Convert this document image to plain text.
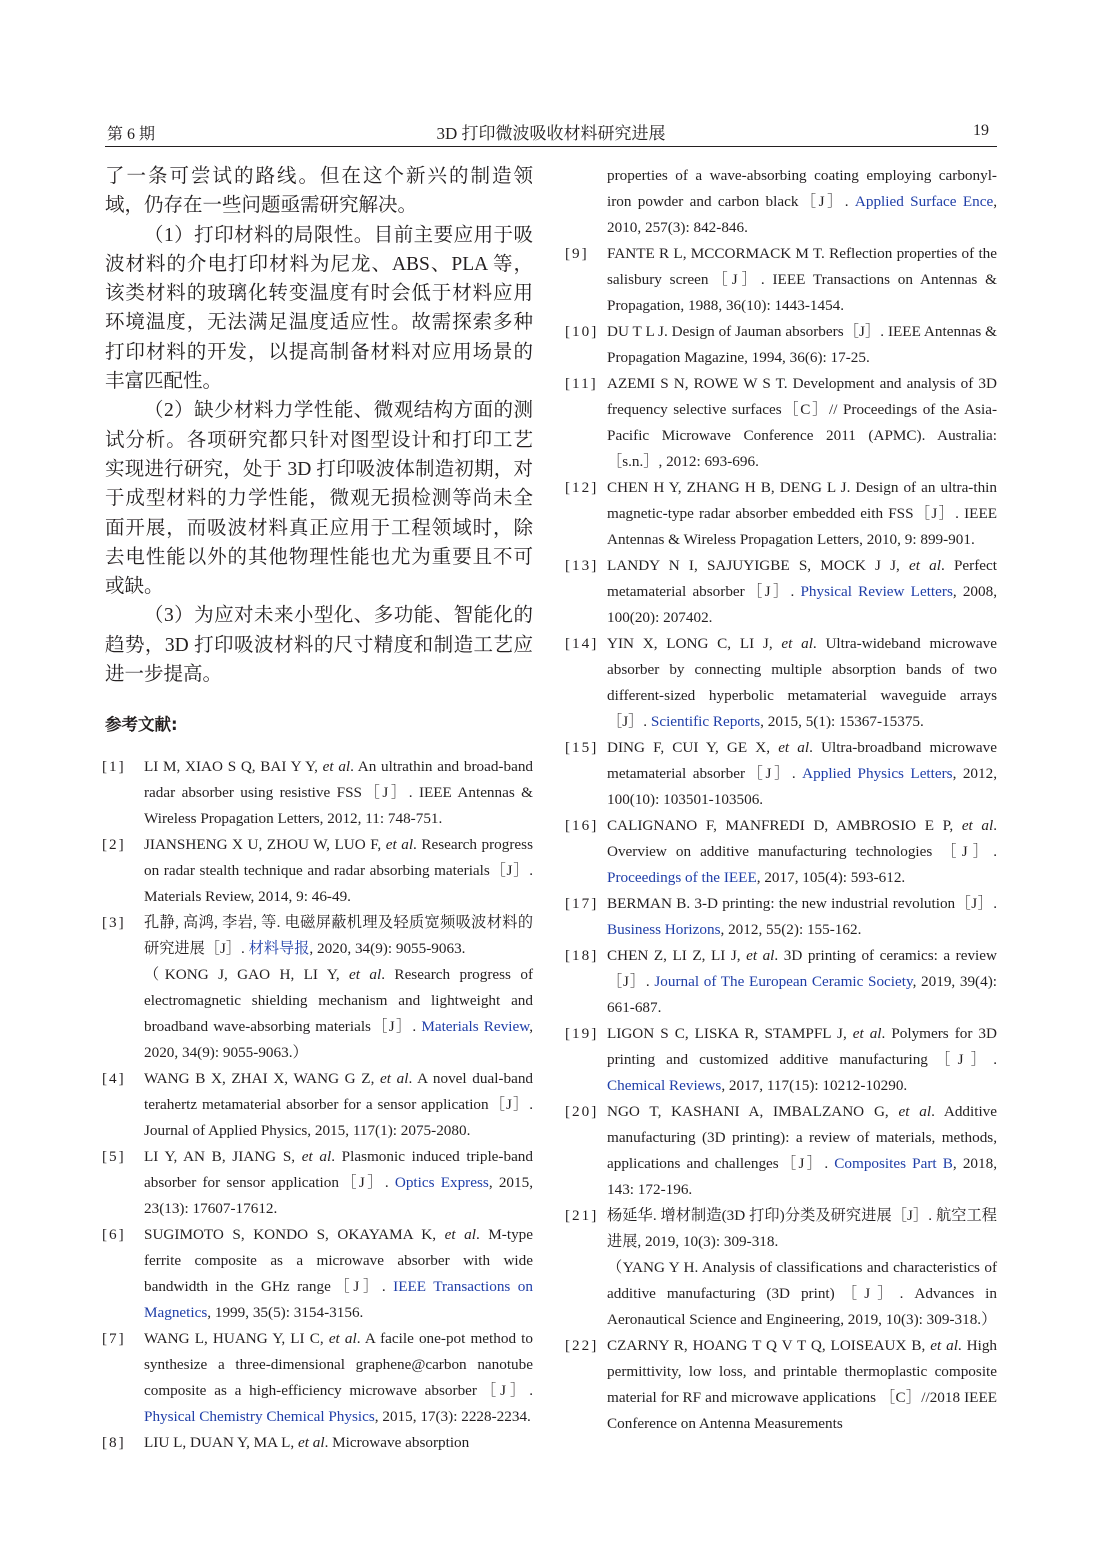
第 6 期	3D 打印微波吸收材料研究进展	19

了一条可尝试的路线。但在这个新兴的制造领域，仍存在一些问题亟需研究解决。

（1）打印材料的局限性。目前主要应用于吸波材料的介电打印材料为尼龙、ABS、PLA 等，该类材料的玻璃化转变温度有时会低于材料应用环境温度，无法满足温度适应性。故需探索多种打印材料的开发，以提高制备材料对应用场景的丰富匹配性。

（2）缺少材料力学性能、微观结构方面的测试分析。各项研究都只针对图型设计和打印工艺实现进行研究，处于 3D 打印吸波体制造初期，对于成型材料的力学性能，微观无损检测等尚未全面开展，而吸波材料真正应用于工程领域时，除去电性能以外的其他物理性能也尤为重要且不可或缺。

（3）为应对未来小型化、多功能、智能化的趋势，3D 打印吸波材料的尺寸精度和制造工艺应进一步提高。

参考文献:
[1] LI M, XIAO S Q, BAI Y Y, et al. An ultrathin and broad-band radar absorber using resistive FSS［J］. IEEE Antennas & Wireless Propagation Letters, 2012, 11: 748-751.
[2] JIANSHENG X U, ZHOU W, LUO F, et al. Research progress on radar stealth technique and radar absorbing materials［J］. Materials Review, 2014, 9: 46-49.
[3] 孔静, 高鸿, 李岩, 等. 电磁屏蔽机理及轻质宽频吸波材料的研究进展［J］. 材料导报, 2020, 34(9): 9055-9063.
（KONG J, GAO H, LI Y, et al. Research progress of electromagnetic shielding mechanism and lightweight and broadband wave-absorbing materials［J］. Materials Review, 2020, 34(9): 9055-9063.）
[4] WANG B X, ZHAI X, WANG G Z, et al. A novel dual-band terahertz metamaterial absorber for a sensor application［J］. Journal of Applied Physics, 2015, 117(1): 2075-2080.
[5] LI Y, AN B, JIANG S, et al. Plasmonic induced triple-band absorber for sensor application［J］. Optics Express, 2015, 23(13): 17607-17612.
[6] SUGIMOTO S, KONDO S, OKAYAMA K, et al. M-type ferrite composite as a microwave absorber with wide bandwidth in the GHz range［J］. IEEE Transactions on Magnetics, 1999, 35(5): 3154-3156.
[7] WANG L, HUANG Y, LI C, et al. A facile one-pot method to synthesize a three-dimensional graphene@carbon nanotube composite as a high-efficiency microwave absorber［J］. Physical Chemistry Chemical Physics, 2015, 17(3): 2228-2234.
[8] LIU L, DUAN Y, MA L, et al. Microwave absorption
properties of a wave-absorbing coating employing carbonyl-iron powder and carbon black［J］. Applied Surface Ence, 2010, 257(3): 842-846.
[9] FANTE R L, MCCORMACK M T. Reflection properties of the salisbury screen［J］. IEEE Transactions on Antennas & Propagation, 1988, 36(10): 1443-1454.
[10] DU T L J. Design of Jauman absorbers［J］. IEEE Antennas & Propagation Magazine, 1994, 36(6): 17-25.
[11] AZEMI S N, ROWE W S T. Development and analysis of 3D frequency selective surfaces［C］// Proceedings of the Asia-Pacific Microwave Conference 2011 (APMC). Australia: ［s.n.］, 2012: 693-696.
[12] CHEN H Y, ZHANG H B, DENG L J. Design of an ultra-thin magnetic-type radar absorber embedded eith FSS［J］. IEEE Antennas & Wireless Propagation Letters, 2010, 9: 899-901.
[13] LANDY N I, SAJUYIGBE S, MOCK J J, et al. Perfect metamaterial absorber［J］. Physical Review Letters, 2008, 100(20): 207402.
[14] YIN X, LONG C, LI J, et al. Ultra-wideband microwave absorber by connecting multiple absorption bands of two different-sized hyperbolic metamaterial waveguide arrays［J］. Scientific Reports, 2015, 5(1): 15367-15375.
[15] DING F, CUI Y, GE X, et al. Ultra-broadband microwave metamaterial absorber［J］. Applied Physics Letters, 2012, 100(10): 103501-103506.
[16] CALIGNANO F, MANFREDI D, AMBROSIO E P, et al. Overview on additive manufacturing technologies ［J］. Proceedings of the IEEE, 2017, 105(4): 593-612.
[17] BERMAN B. 3-D printing: the new industrial revolution［J］. Business Horizons, 2012, 55(2): 155-162.
[18] CHEN Z, LI Z, LI J, et al. 3D printing of ceramics: a review［J］. Journal of The European Ceramic Society, 2019, 39(4): 661-687.
[19] LIGON S C, LISKA R, STAMPFL J, et al. Polymers for 3D printing and customized additive manufacturing［J］. Chemical Reviews, 2017, 117(15): 10212-10290.
[20] NGO T, KASHANI A, IMBALZANO G, et al. Additive manufacturing (3D printing): a review of materials, methods, applications and challenges［J］. Composites Part B, 2018, 143: 172-196.
[21] 杨延华. 增材制造(3D 打印)分类及研究进展［J］. 航空工程进展, 2019, 10(3): 309-318.
（YANG Y H. Analysis of classifications and characteristics of additive manufacturing (3D print)［J］. Advances in Aeronautical Science and Engineering, 2019, 10(3): 309-318.）
[22] CZARNY R, HOANG T Q V T Q, LOISEAUX B, et al. High permittivity, low loss, and printable thermoplastic composite material for RF and microwave applications ［C］//2018 IEEE Conference on Antenna Measurements
